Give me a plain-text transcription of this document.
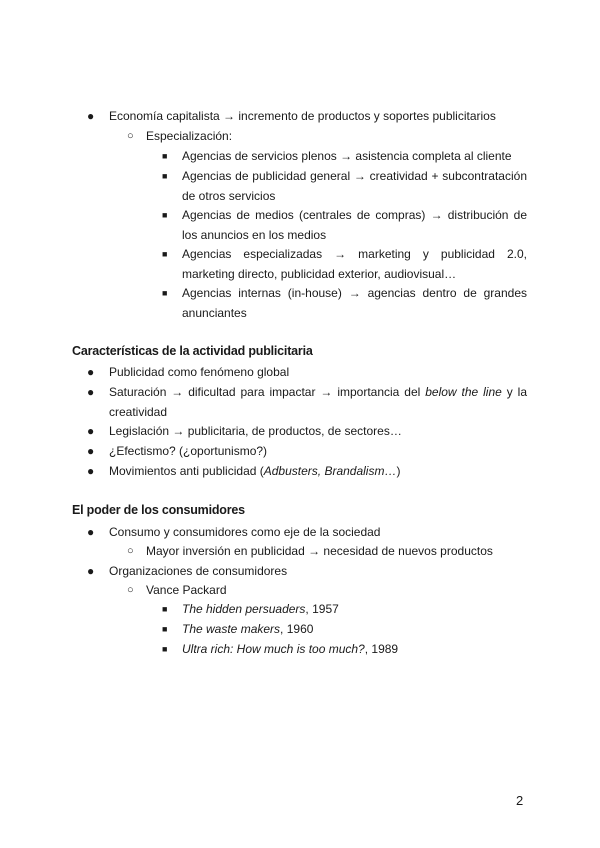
●	Economía capitalista → incremento de productos y soportes publicitarios
○	Especialización:
■	Agencias de servicios plenos → asistencia completa al cliente
■	Agencias de publicidad general → creatividad + subcontratación de otros servicios
■	Agencias de medios (centrales de compras) → distribución de los anuncios en los medios
■	Agencias especializadas → marketing y publicidad 2.0, marketing directo, publicidad exterior, audiovisual…
■	Agencias internas (in-house) → agencias dentro de grandes anunciantes
Características de la actividad publicitaria
●	Publicidad como fenómeno global
●	Saturación → dificultad para impactar → importancia del below the line y la creatividad
●	Legislación → publicitaria, de productos, de sectores…
●	¿Efectismo? (¿oportunismo?)
●	Movimientos anti publicidad (Adbusters, Brandalism…)
El poder de los consumidores
●	Consumo y consumidores como eje de la sociedad
○	Mayor inversión en publicidad → necesidad de nuevos productos
●	Organizaciones de consumidores
○	Vance Packard
■	The hidden persuaders, 1957
■	The waste makers, 1960
■	Ultra rich: How much is too much?, 1989
2
